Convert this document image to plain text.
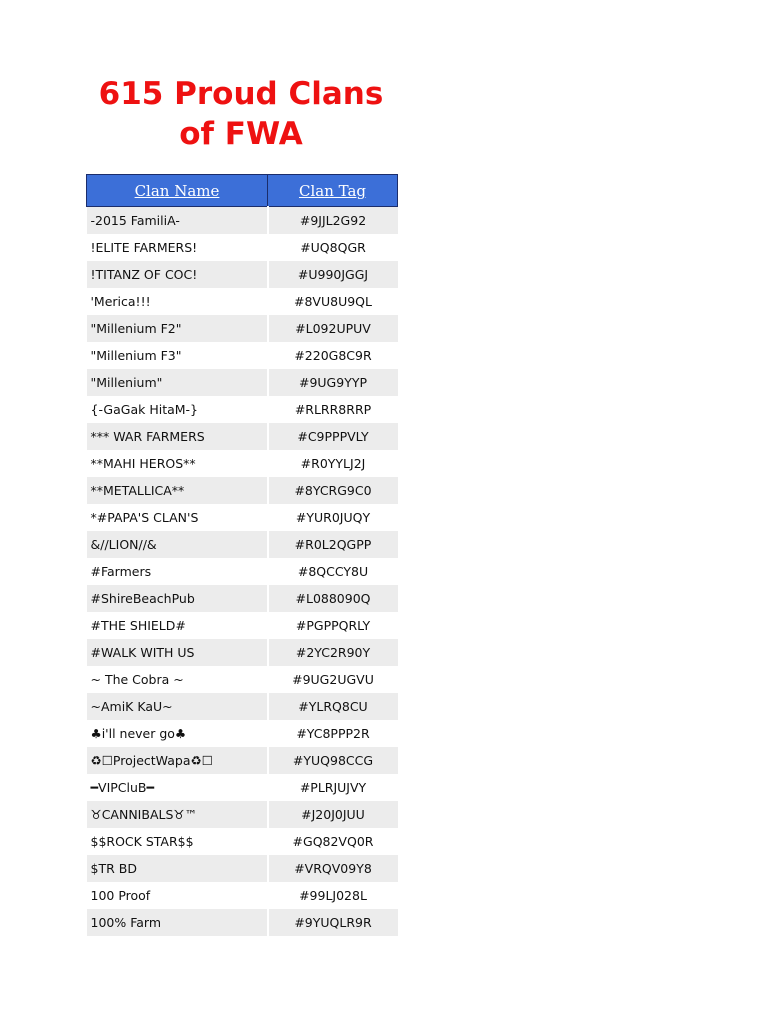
615 Proud Clans
of FWA
Clan Name	Clan Tag
-2015 FamiliA-	#9JJL2G92
!ELITE FARMERS!	#UQ8QGR
!TITANZ OF COC!	#U990JGGJ
'Merica!!!	#8VU8U9QL
"Millenium F2"	#L092UPUV
"Millenium F3"	#220G8C9R
"Millenium"	#9UG9YYP
{-GaGak HitaM-}	#RLRR8RRP
*** WAR FARMERS	#C9PPPVLY
**MAHI HEROS**	#R0YYLJ2J
**METALLICA**	#8YCRG9C0
*#PAPA'S CLAN'S	#YUR0JUQY
&//LION//&	#R0L2QGPP
#Farmers	#8QCCY8U
#ShireBeachPub	#L088090Q
#THE SHIELD#	#PGPPQRLY
#WALK WITH US	#2YC2R90Y
~ The Cobra ~	#9UG2UGVU
~AmiK KaU~	#YLRQ8CU
♣i'll never go♣	#YC8PPP2R
♻☐ProjectWapa♻☐	#YUQ98CCG
━VIPCluB━	#PLRJUJVY
♉CANNIBALS♉™	#J20J0JUU
$$ROCK STAR$$	#GQ82VQ0R
$TR BD	#VRQV09Y8
100 Proof	#99LJ028L
100% Farm	#9YUQLR9R
